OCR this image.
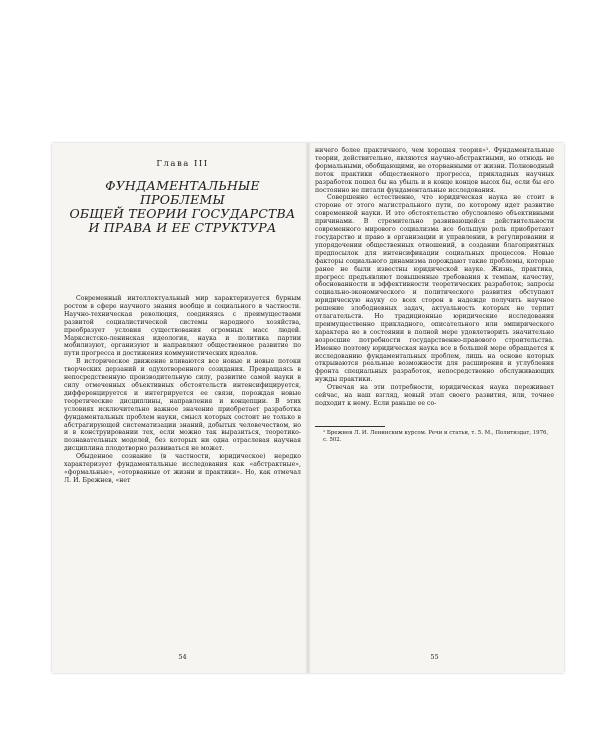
Глава III
ФУНДАМЕНТАЛЬНЫЕ ПРОБЛЕМЫ
ОБЩЕЙ ТЕОРИИ ГОСУДАРСТВА
И ПРАВА И ЕЕ СТРУКТУРА

Современный интеллектуальный мир характеризуется бурным ростом в сфере научного знания вообще и социального в частности. Научно-техническая революция, соединяясь с преимуществами развитой социалистической системы народного хозяйства, преобразует условия существования огромных масс людей. Марксистско-ленинская идеология, наука и политика партии мобилизуют, организуют и направляют общественное развитие по пути прогресса и достижения коммунистических идеалов.

В историческое движение вливаются все новые и новые потоки творческих дерзаний и одухотворенного созидания. Превращаясь в непосредственную производительную силу, развитие самой науки в силу отмеченных объективных обстоятельств интенсифицируется, дифференцируется и интегрируется ее связи, порождая новые теоретические дисциплины, направления и концепции. В этих условиях исключительно важное значение приобретает разработка фундаментальных проблем науки, смысл которых состоит не только в абстрагирующей систематизации знаний, добытых человечеством, но и в конструировании тех, если можно так выразиться, теоретико-познавательных моделей, без которых ни одна отраслевая научная дисциплина плодотворно развиваться не может.

Обыденное сознание (в частности, юридическое) нередко характеризует фундаментальные исследования как «абстрактные», «формальные», «оторванные от жизни и практики». Но, как отмечал Л. И. Брежнев, «нет

54

ничего более практичного, чем хорошая теория»¹. Фундаментальные теории, действительно, являются научно-абстрактными, но отнюдь не формальными, обобщающими, не оторванными от жизни. Полноводный поток практики общественного прогресса, прикладных научных разработок пошел бы на убыль и в конце концов высох бы, если бы его постоянно не питали фундаментальные исследования.

Совершенно естественно, что юридическая наука не стоит в стороне от этого магистрального пути, по которому идет развитие современной науки. И это обстоятельство обусловлено объективными причинами. В стремительно развивающейся действительности современного мирового социализма все большую роль приобретают государство и право в организации и управлении, в регулировании и упорядочении общественных отношений, в создании благоприятных предпосылок для интенсификации социальных процессов. Новые факторы социального динамизма порождают такие проблемы, которые ранее не были известны юридической науке. Жизнь, практика, прогресс предъявляют повышенные требования к темпам, качеству, обоснованности и эффективности теоретических разработок; запросы социально-экономического и политического развития обступают юридическую науку со всех сторон в надежде получить научное решение злободневных задач, актуальность которых не терпит отлагательств. Но традиционные юридические исследования преимущественно прикладного, описательного или эмпирического характера не в состоянии в полной мере удовлетворить значительно возросшие потребности государственно-правового строительства. Именно поэтому юридическая наука все в большей мере обращается к исследованию фундаментальных проблем, лишь на основе которых открываются реальные возможности для расширения и углубления фронта специальных разработок, непосредственно обслуживающих нужды практики.

Отвечая на эти потребности, юридическая наука переживает сейчас, на наш взгляд, новый этап своего развития, или, точнее подходит к нему. Если раньше ее со-

¹ Брежнев Л. И. Ленинским курсом. Речи и статьи, т. 5. М., Политиздат, 1976, с. 502.
55
